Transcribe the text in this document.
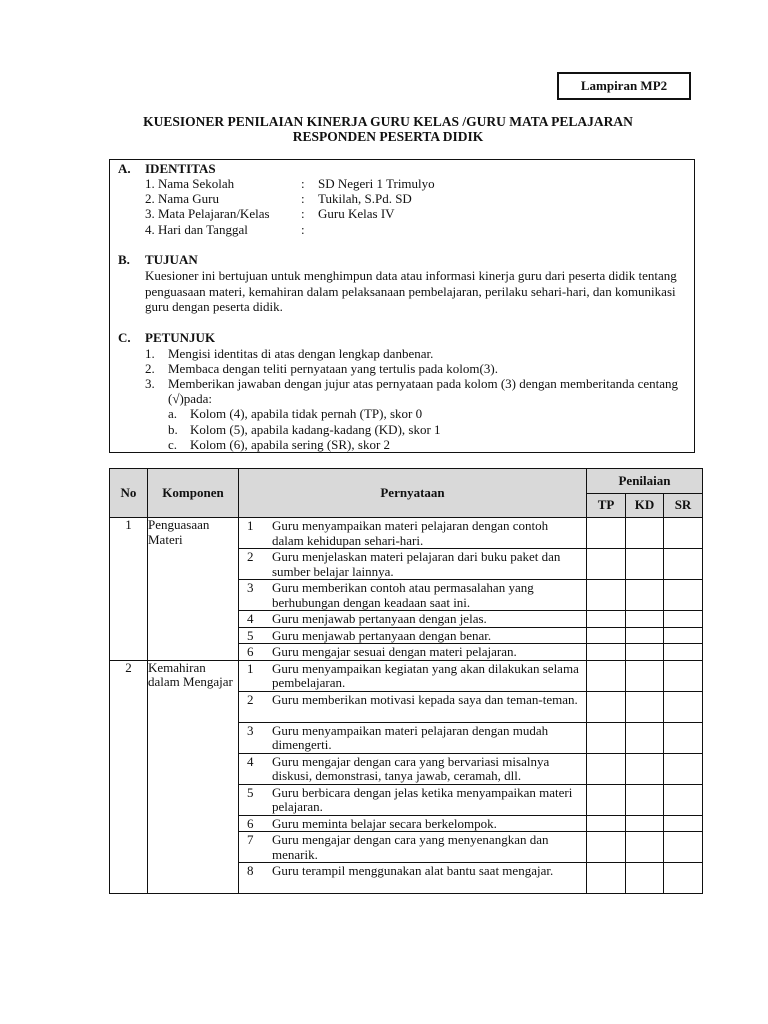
Lampiran MP2
KUESIONER PENILAIAN KINERJA GURU KELAS /GURU MATA PELAJARAN
RESPONDEN PESERTA DIDIK
A. IDENTITAS
1. Nama Sekolah	: SD Negeri 1 Trimulyo
2. Nama Guru	: Tukilah, S.Pd. SD
3. Mata Pelajaran/Kelas : Guru Kelas IV
4. Hari dan Tanggal	:
B. TUJUAN
Kuesioner ini bertujuan untuk menghimpun data atau informasi kinerja guru dari peserta didik tentang penguasaan materi, kemahiran dalam pelaksanaan pembelajaran, perilaku sehari-hari, dan komunikasi guru dengan peserta didik.
C. PETUNJUK
1. Mengisi identitas di atas dengan lengkap danbenar.
2. Membaca dengan teliti pernyataan yang tertulis pada kolom(3).
3. Memberikan jawaban dengan jujur atas pernyataan pada kolom (3) dengan memberitanda centang (√)pada:
a. Kolom (4), apabila tidak pernah (TP), skor 0
b. Kolom (5), apabila kadang-kadang (KD), skor 1
c. Kolom (6), apabila sering (SR), skor 2
No	Komponen	Pernyataan	Penilaian		
			TP	KD	SR
1	Penguasaan Materi	1 Guru menyampaikan materi pelajaran dengan contoh dalam kehidupan sehari-hari.			

		2 Guru menjelaskan materi pelajaran dari buku paket dan sumber belajar lainnya.			

		3 Guru memberikan contoh atau permasalahan yang berhubungan dengan keadaan saat ini.			

		4 Guru menjawab pertanyaan dengan jelas.			

		5 Guru menjawab pertanyaan dengan benar.			

		6 Guru mengajar sesuai dengan materi pelajaran.			

2	Kemahiran dalam Mengajar	1 Guru menyampaikan kegiatan yang akan dilakukan selama pembelajaran.			

		2 Guru memberikan motivasi kepada saya dan teman-teman.			

		3 Guru menyampaikan materi pelajaran dengan mudah dimengerti.			

		4 Guru mengajar dengan cara yang bervariasi misalnya diskusi, demonstrasi, tanya jawab, ceramah, dll.			

		5 Guru berbicara dengan jelas ketika menyampaikan materi pelajaran.			

		6 Guru meminta belajar secara berkelompok.			

		7 Guru mengajar dengan cara yang menyenangkan dan menarik.			

		8 Guru terampil menggunakan alat bantu saat mengajar.			
